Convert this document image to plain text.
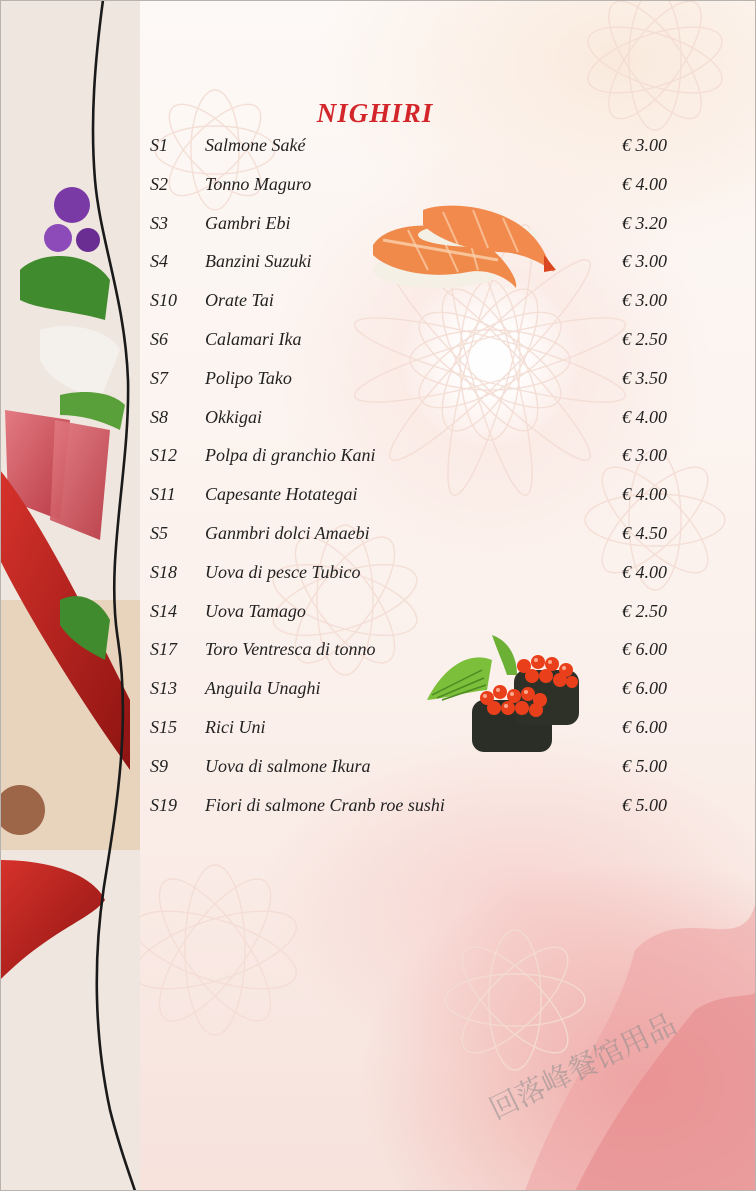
NIGHIRI
S1 Salmone Saké	€ 3.00
S2 Tonno Maguro	€ 4.00
S3 Gambri Ebi	€ 3.20
S4 Banzini Suzuki	€ 3.00
S10 Orate Tai	€ 3.00
S6 Calamari Ika	€ 2.50
S7 Polipo Tako	€ 3.50
S8 Okkigai	€ 4.00
S12 Polpa di granchio Kani	€ 3.00
S11 Capesante Hotategai	€ 4.00
S5 Ganmbri dolci Amaebi	€ 4.50
S18 Uova di pesce Tubico	€ 4.00
S14 Uova Tamago	€ 2.50
S17 Toro Ventresca di tonno	€ 6.00
S13 Anguila Unaghi	€ 6.00
S15 Rici Uni	€ 6.00
S9 Uova di salmone Ikura	€ 5.00
S19 Fiori di salmone Cranb roe sushi	€ 5.00
回落峰餐馆用品
